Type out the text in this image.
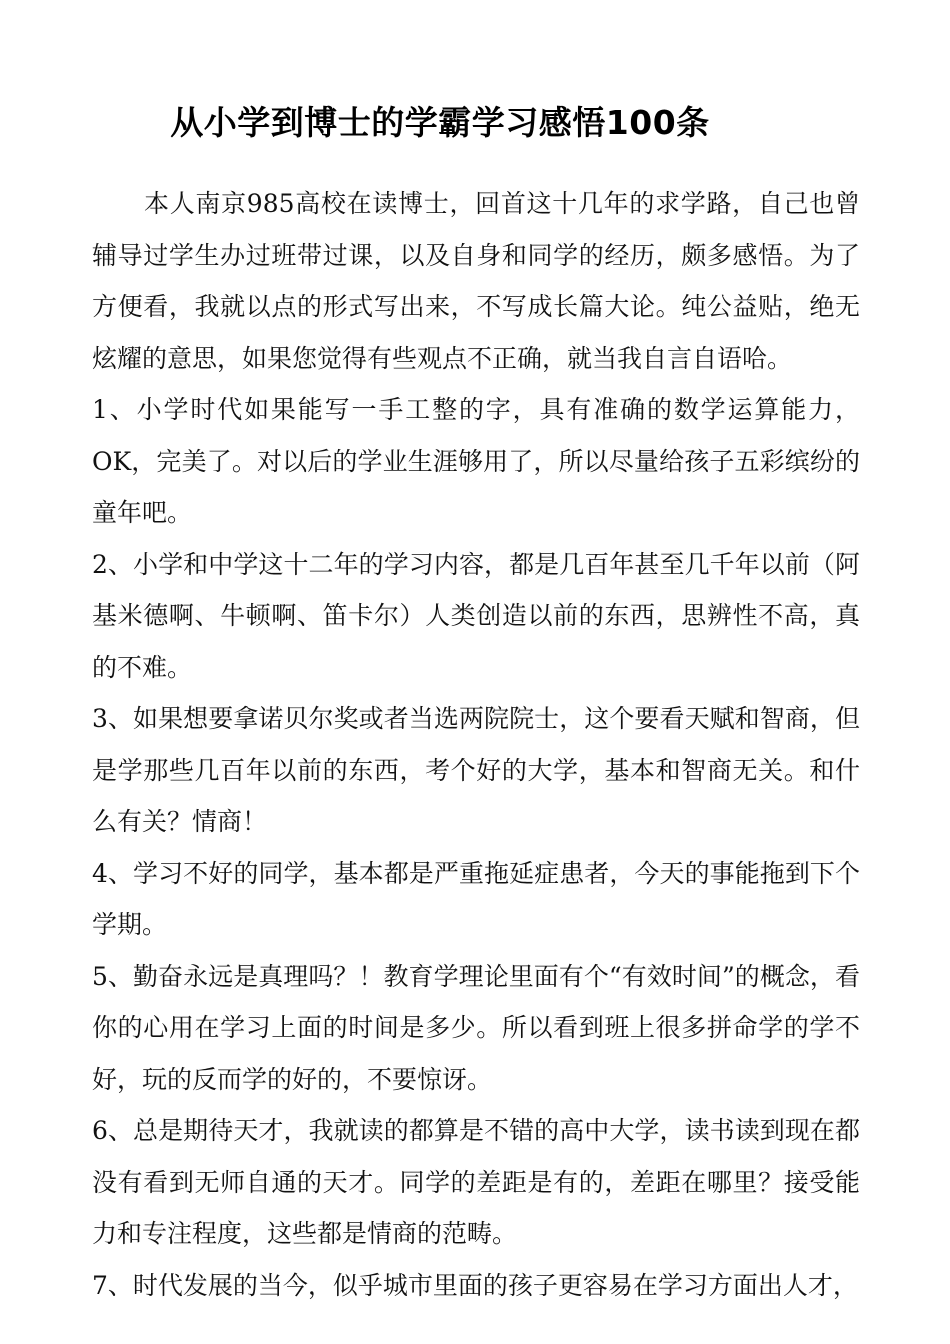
从小学到博士的学霸学习感悟100条

本人南京985高校在读博士，回首这十几年的求学路，自己也曾辅导过学生办过班带过课，以及自身和同学的经历，颇多感悟。为了方便看，我就以点的形式写出来，不写成长篇大论。纯公益贴，绝无炫耀的意思，如果您觉得有些观点不正确，就当我自言自语哈。

1、小学时代如果能写一手工整的字，具有准确的数学运算能力，OK，完美了。对以后的学业生涯够用了，所以尽量给孩子五彩缤纷的童年吧。

2、小学和中学这十二年的学习内容，都是几百年甚至几千年以前（阿基米德啊、牛顿啊、笛卡尔）人类创造以前的东西，思辨性不高，真的不难。

3、如果想要拿诺贝尔奖或者当选两院院士，这个要看天赋和智商，但是学那些几百年以前的东西，考个好的大学，基本和智商无关。和什么有关？情商！

4、学习不好的同学，基本都是严重拖延症患者，今天的事能拖到下个学期。

5、勤奋永远是真理吗？！教育学理论里面有个“有效时间”的概念，看你的心用在学习上面的时间是多少。所以看到班上很多拼命学的学不好，玩的反而学的好的，不要惊讶。

6、总是期待天才，我就读的都算是不错的高中大学，读书读到现在都没有看到无师自通的天才。同学的差距是有的，差距在哪里？接受能力和专注程度，这些都是情商的范畴。

7、时代发展的当今，似乎城市里面的孩子更容易在学习方面出人才，
